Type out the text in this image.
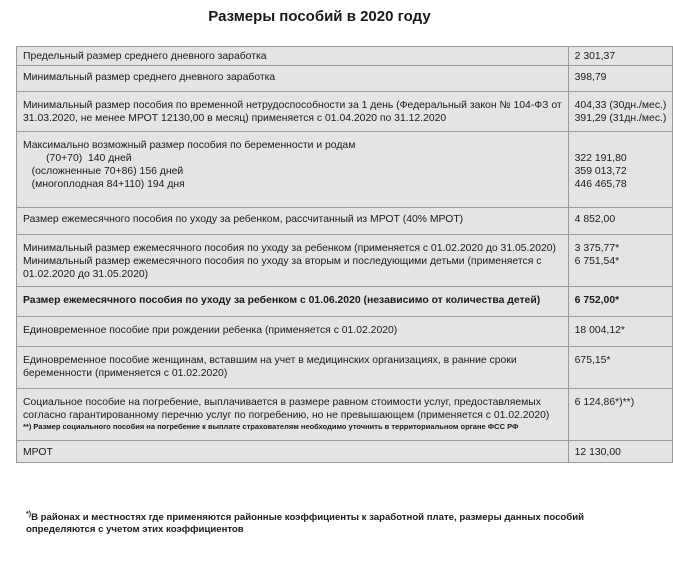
Размеры пособий в 2020 году
Предельный размер среднего дневного заработка	2 301,37

Минимальный размер среднего дневного заработка	398,79

Минимальный размер пособия по временной нетрудоспособности за 1 день (Федеральный закон № 104-ФЗ от
31.03.2020, не менее МРОТ 12130,00 в месяц) применяется с 01.04.2020 по 31.12.2020	404,33 (30дн./мес.)
391,29 (31дн./мес.)

Максимально возможный размер пособия по беременности и родам
(70+70)  140 дней
(осложненные 70+86) 156 дней
(многоплодная 84+110) 194 дня	322 191,80
359 013,72
446 465,78

Размер ежемесячного пособия по уходу за ребенком, рассчитанный из МРОТ (40% МРОТ)	4 852,00

Минимальный размер ежемесячного пособия по уходу за ребенком (применяется с 01.02.2020 до 31.05.2020)
Минимальный размер ежемесячного пособия по уходу за вторым и последующими детьми (применяется с
01.02.2020 до 31.05.2020)	3 375,77*
6 751,54*

Размер ежемесячного пособия по уходу за ребенком с 01.06.2020 (независимо от количества детей)	6 752,00*

Единовременное пособие при рождении ребенка (применяется с 01.02.2020)	18 004,12*

Единовременное пособие женщинам, вставшим на учет в медицинских организациях, в ранние сроки
беременности (применяется с 01.02.2020)	675,15*

Социальное пособие на погребение, выплачивается в размере равном стоимости услуг, предоставляемых
согласно гарантированному перечню услуг по погребению, но не превышающем (применяется с 01.02.2020)
**) Размер социального пособия на погребение к выплате страхователям необходимо уточнить в территориальном органе ФСС РФ	6 124,86*)**)

МРОТ	12 130,00
*)В районах и местностях где применяются районные коэффициенты к заработной плате, размеры данных пособий определяются с учетом этих коэффициентов
